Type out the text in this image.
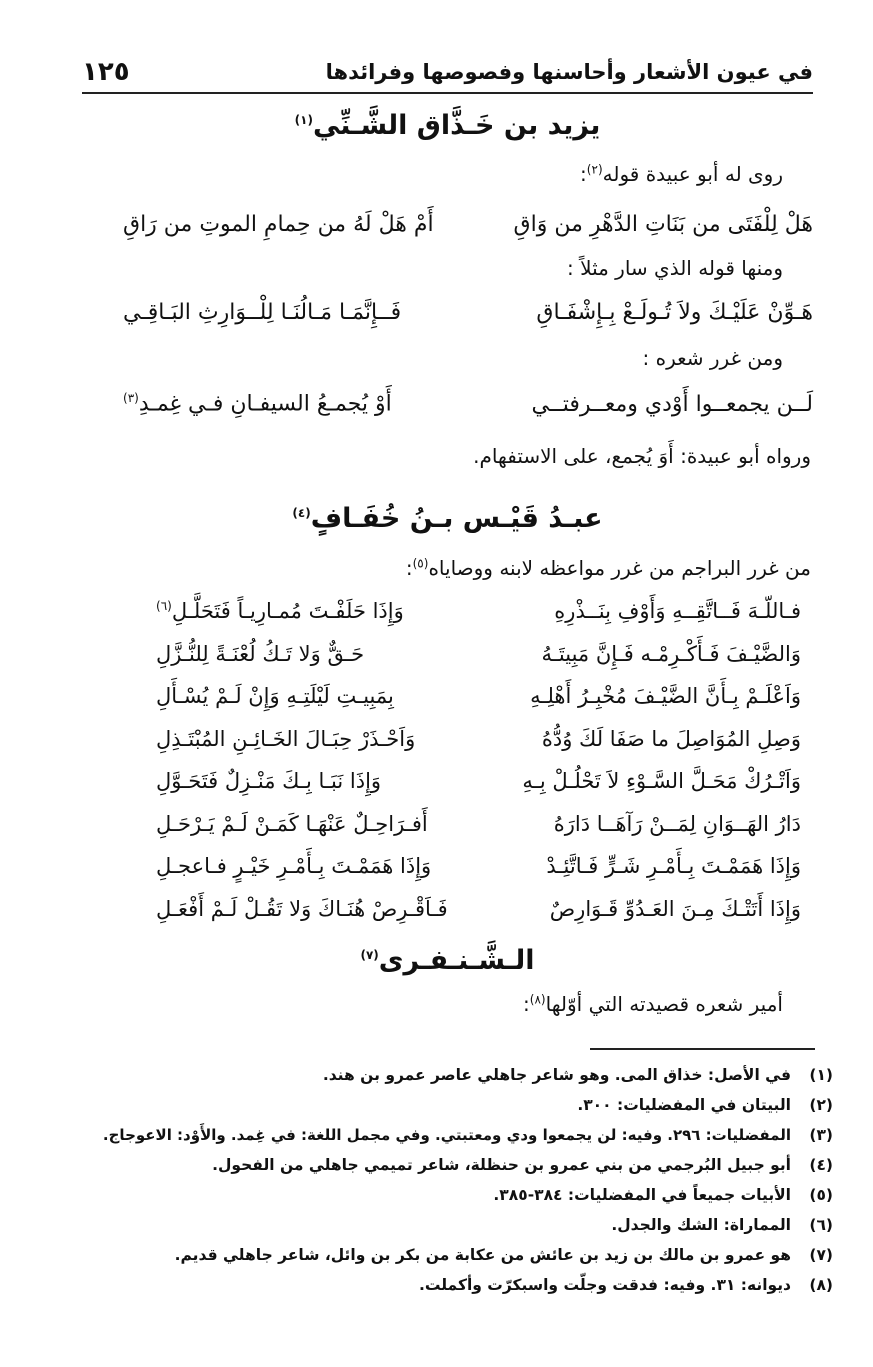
في عيون الأشعار وأحاسنها وفصوصها وفرائدها
١٢٥
يزيد بن خَـذَّاق الشَّـنِّي$^{(١)}$
روى له أبو عبيدة قوله$^{(٢)}$:
هَلْ لِلْفَتَى من بَنَاتِ الدَّهْرِ من وَاقِ
أَمْ هَلْ لَهُ من حِمامِ الموتِ من رَاقِ
ومنها قوله الذي سار مثلاً :
هَـوِّنْ عَلَيْـكَ ولاَ تُـولَـعْ بِـإِشْفَـاقِ
فَــإِنَّمَـا مَـالُنَـا لِلْــوَارِثِ البَـاقِـي
ومن غرر شعره :
لَــن يجمعــوا أَوْدي ومعــرفتــي
أَوْ يُجمـعُ السيفـانِ فـي غِمـدِ$^{(٣)}$
ورواه أبو عبيدة: أَوَ يُجمع، على الاستفهام.
عبـدُ قَيْـس بـنُ خُفَـافٍ$^{(٤)}$
من غرر البراجم من غرر مواعظه لابنه ووصاياه$^{(٥)}$:
فـاللّـهَ فَــاتَّقِــهِ وَأَوْفِ بِنَــذْرِهِ
وَإِذَا حَلَفْـتَ مُمـارِيـاً فَتَحَلَّـلِ$^{(٦)}$
وَالضَّيْـفَ فَـأَكْـرِمْـه فَـإِنَّ مَبِيتَـهُ
حَـقٌّ وَلا تَـكُ لُعْنَـةً لِلنُّـزَّلِ
وَاَعْلَـمْ بِـأَنَّ الضَّيْـفَ مُخْبِـرُ أَهْلِـهِ
بِمَبِيـتِ لَيْلَتِـهِ وَإِنْ لَـمْ يُسْـأَلِ
وَصِلِ المُوَاصِلَ ما صَفَا لَكَ وُدُّهُ
وَاَحْـذَرْ حِبَـالَ الخَـائِـنِ المُبْتَـذِلِ
وَاَتْـرُكْ مَحَـلَّ السَّـوْءِ لاَ تَحْلُـلْ بِـهِ
وَإِذَا نَبَـا بِـكَ مَنْـزِلٌ فَتَحَـوَّلِ
دَارُ الهَــوَانِ لِمَــنْ رَآهَــا دَارَهُ
أَفـرَاحِـلٌ عَنْهَـا كَمَـنْ لَـمْ يَـرْحَـلِ
وَإِذَا هَمَمْـتَ بِـأَمْـرِ شَـرٍّ فَـاتَّئِـدْ
وَإِذَا هَمَمْـتَ بِـأَمْـرِ خَيْـرٍ فـاعجـلِ
وَإِذَا أَتَتْـكَ مِـنَ العَـدُوِّ قَـوَارِصٌ
فَـاَقْـرِصْ هُنَـاكَ وَلا تَقُـلْ لَـمْ أَفْعَـلِ
الـشَّـنـفـرى$^{(٧)}$
أمير شعره قصيدته التي أوّلها$^{(٨)}$:
(١)
في الأصل: خذاق المى. وهو شاعر جاهلي عاصر عمرو بن هند.
(٢)
البيتان في المفضليات: ٣٠٠.
(٣)
المفضليات: ٢٩٦. وفيه: لن يجمعوا ودي ومعتبتي. وفي مجمل اللغة: في غِمد. والأَوْد: الاعوجاج.
(٤)
أبو جبيل البُرجمي من بني عمرو بن حنظلة، شاعر تميمي جاهلي من الفحول.
(٥)
الأبيات جميعاً في المفضليات: ٣٨٤-٣٨٥.
(٦)
المماراة: الشك والجدل.
(٧)
هو عمرو بن مالك بن زيد بن عائش من عكابة من بكر بن وائل، شاعر جاهلي قديم.
(٨)
ديوانه: ٣١. وفيه: فدقت وجلّت واسبكرّت وأكملت.
